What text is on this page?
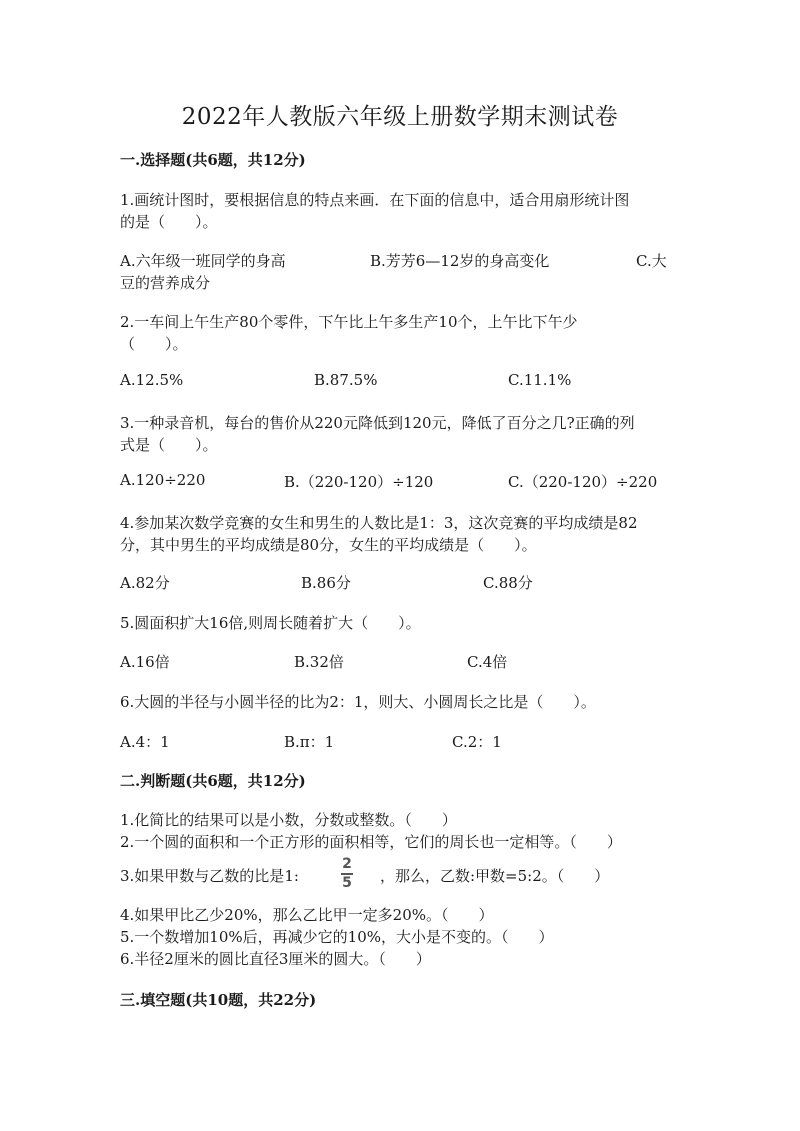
2022年人教版六年级上册数学期末测试卷
一.选择题(共6题，共12分)
1.画统计图时，要根据信息的特点来画．在下面的信息中，适合用扇形统计图
的是（　　）。
A.六年级一班同学的身高	B.芳芳6—12岁的身高变化	C.大
豆的营养成分
2.一车间上午生产80个零件，下午比上午多生产10个，上午比下午少
（　　）。
A.12.5%	B.87.5%	C.11.1%
3.一种录音机，每台的售价从220元降低到120元，降低了百分之几?正确的列
式是（　　）。
A.120÷220	B.（220-120）÷120	C.（220-120）÷220
4.参加某次数学竞赛的女生和男生的人数比是1：3，这次竞赛的平均成绩是82
分，其中男生的平均成绩是80分，女生的平均成绩是（　　）。
A.82分	B.86分	C.88分
5.圆面积扩大16倍,则周长随着扩大（　　）。
A.16倍	B.32倍	C.4倍
6.大圆的半径与小圆半径的比为2：1，则大、小圆周长之比是（　　）。
A.4：1	B.π：1	C.2：1
二.判断题(共6题，共12分)
1.化简比的结果可以是小数，分数或整数。（　　）
2.一个圆的面积和一个正方形的面积相等，它们的周长也一定相等。（　　）
3.如果甲数与乙数的比是1:
2
5 ，那么，乙数:甲数=5:2。（　　）
4.如果甲比乙少20%，那么乙比甲一定多20%。（　　）
5.一个数增加10%后，再减少它的10%，大小是不变的。（　　）
6.半径2厘米的圆比直径3厘米的圆大。（　　）
三.填空题(共10题，共22分)
